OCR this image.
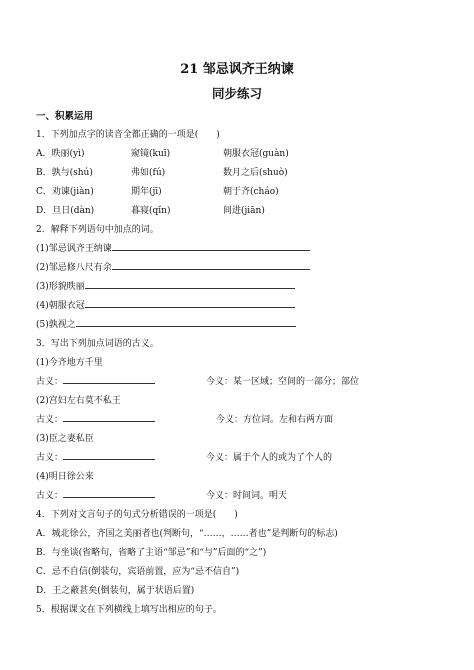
21 邹忌讽齐王纳谏
同步练习
一、积累运用
1．下列加点字的读音全都正确的一项是(　　)
A．昳丽(yì)	窥镜(kuī)	朝服衣冠(guàn)
B．孰与(shú)	弗如(fú)	数月之后(shuò)
C．劝谏(jiàn)	期年(jī)	朝于齐(cháo)
D．旦日(dàn)	暮寝(qǐn)	间进(jiān)
2．解释下列语句中加点的词。
(1)邹忌讽齐王纳谏
(2)邹忌修八尺有余
(3)形貌昳丽
(4)朝服衣冠
(5)孰视之
3．写出下列加点词语的古义。
(1)今齐地方千里
古义：	今义：某一区域；空间的一部分；部位
(2)宫妇左右莫不私王
古义：	今义：方位词。左和右两方面
(3)臣之妻私臣
古义：	今义：属于个人的或为了个人的
(4)明日徐公来
古义：	今义：时间词。明天
4．下列对文言句子的句式分析错误的一项是(　　)
A．城北徐公，齐国之美丽者也(判断句，“……，……者也”是判断句的标志)
B．与坐谈(省略句，省略了主语“邹忌”和“与”后面的“之”)
C．忌不自信(倒装句，宾语前置，应为“忌不信自”)
D．王之蔽甚矣(倒装句，属于状语后置)
5．根据课文在下列横线上填写出相应的句子。
